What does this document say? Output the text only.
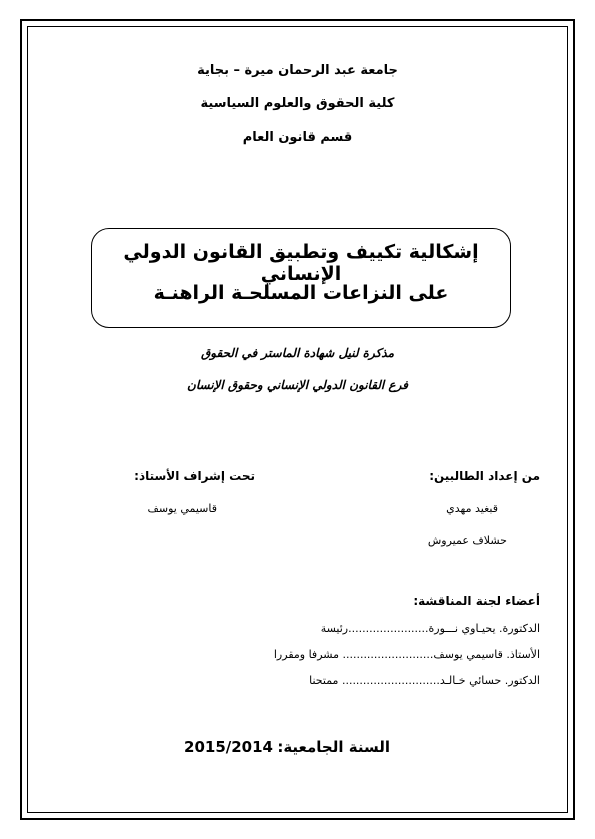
جامعة عبد الرحمان ميرة – بجاية
كلية الحقوق والعلوم السياسية
قسم قانون العام
إشكالية تكييف وتطبيق القانون الدولي الإنساني
على النزاعات المسلحـة الراهنـة
مذكرة لنيل شهادة الماستر في الحقوق
فرع القانون الدولي الإنساني وحقوق الإنسان
من إعداد الطالبين:
تحت إشراف الأستاذ:
قبغيد مهدي
قاسيمي يوسف
حشلاف عميروش
أعضاء لجنة المناقشة:
الدكتورة. يحيـاوي نـــورة.......................رئيسة
الأستاذ. قاسيمي يوسف.......................... مشرفا ومقررا
الدكتور. حسائي خـالـد............................ ممتحنا
السنة الجامعية:
2015/2014
